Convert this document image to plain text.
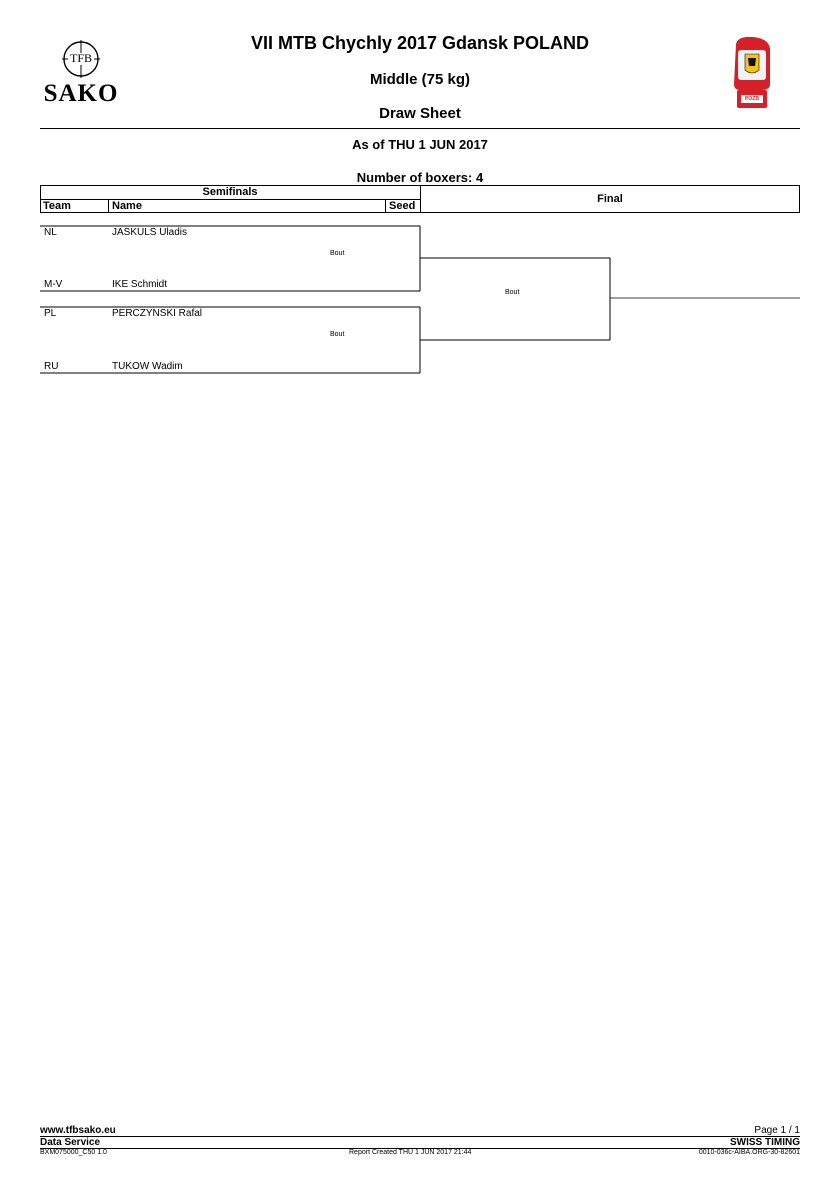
TFB
SAKO
VII MTB Chychly 2017 Gdansk POLAND
Middle (75 kg)
Draw Sheet
POZB
As of THU 1 JUN 2017
Number of boxers: 4
Semifinals
Final
Team	Name	Seed
NL	JASKULS Uladis
M-V	IKE Schmidt
PL	PERCZYNSKI Rafal
RU	TUKOW Wadim
Bout
Bout
Bout
www.tfbsako.eu	Page 1 / 1
Data Service	SWISS TIMING
BXM075000_C50 1.0	Report Created THU 1 JUN 2017 21:44	0010-036c-AIBA.ORG-30-82601
